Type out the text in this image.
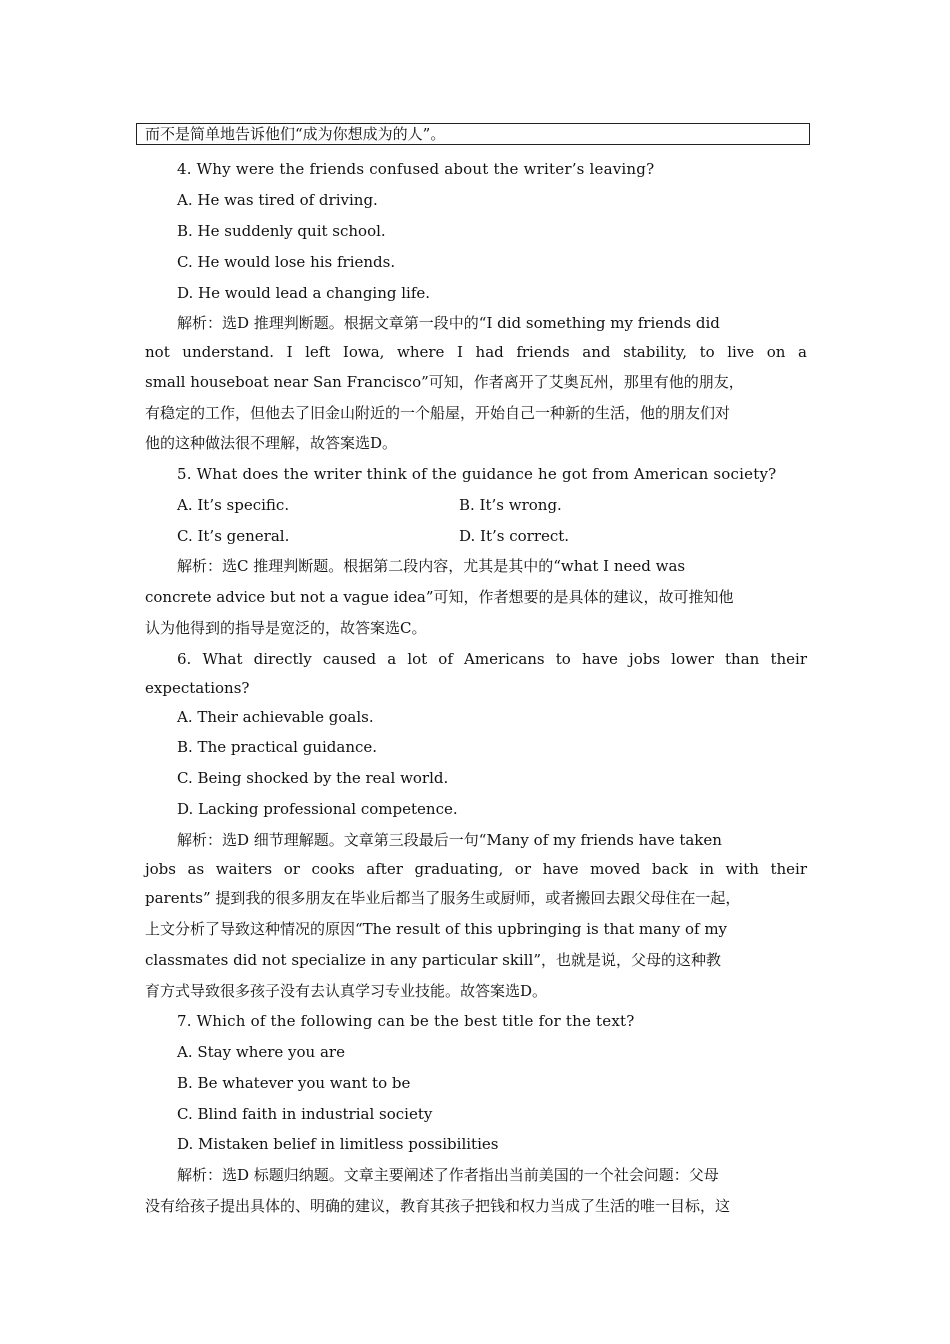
而不是简单地告诉他们“成为你想成为的人”。
4. Why were the friends confused about the writer’s leaving?
A. He was tired of driving.
B. He suddenly quit school.
C. He would lose his friends.
D. He would lead a changing life.
解析：选D 推理判断题。根据文章第一段中的“I did something my friends did
not understand. I left Iowa, where I had friends and stability, to live on a
small houseboat near San Francisco”可知，作者离开了艾奥瓦州，那里有他的朋友，
有稳定的工作，但他去了旧金山附近的一个船屋，开始自己一种新的生活，他的朋友们对
他的这种做法很不理解，故答案选D。
5. What does the writer think of the guidance he got from American society?
A. It’s specific.	B. It’s wrong.
C. It’s general.	D. It’s correct.
解析：选C 推理判断题。根据第二段内容，尤其是其中的“what I need was
concrete advice but not a vague idea”可知，作者想要的是具体的建议，故可推知他
认为他得到的指导是宽泛的，故答案选C。
6. What directly caused a lot of Americans to have jobs lower than their
expectations?
A. Their achievable goals.
B. The practical guidance.
C. Being shocked by the real world.
D. Lacking professional competence.
解析：选D 细节理解题。文章第三段最后一句“Many of my friends have taken
jobs as waiters or cooks after graduating, or have moved back in with their
parents” 提到我的很多朋友在毕业后都当了服务生或厨师，或者搬回去跟父母住在一起，
上文分析了导致这种情况的原因“The result of this upbringing is that many of my
classmates did not specialize in any particular skill”，也就是说，父母的这种教
育方式导致很多孩子没有去认真学习专业技能。故答案选D。
7. Which of the following can be the best title for the text?
A. Stay where you are
B. Be whatever you want to be
C. Blind faith in industrial society
D. Mistaken belief in limitless possibilities
解析：选D 标题归纳题。文章主要阐述了作者指出当前美国的一个社会问题：父母
没有给孩子提出具体的、明确的建议，教育其孩子把钱和权力当成了生活的唯一目标，这
